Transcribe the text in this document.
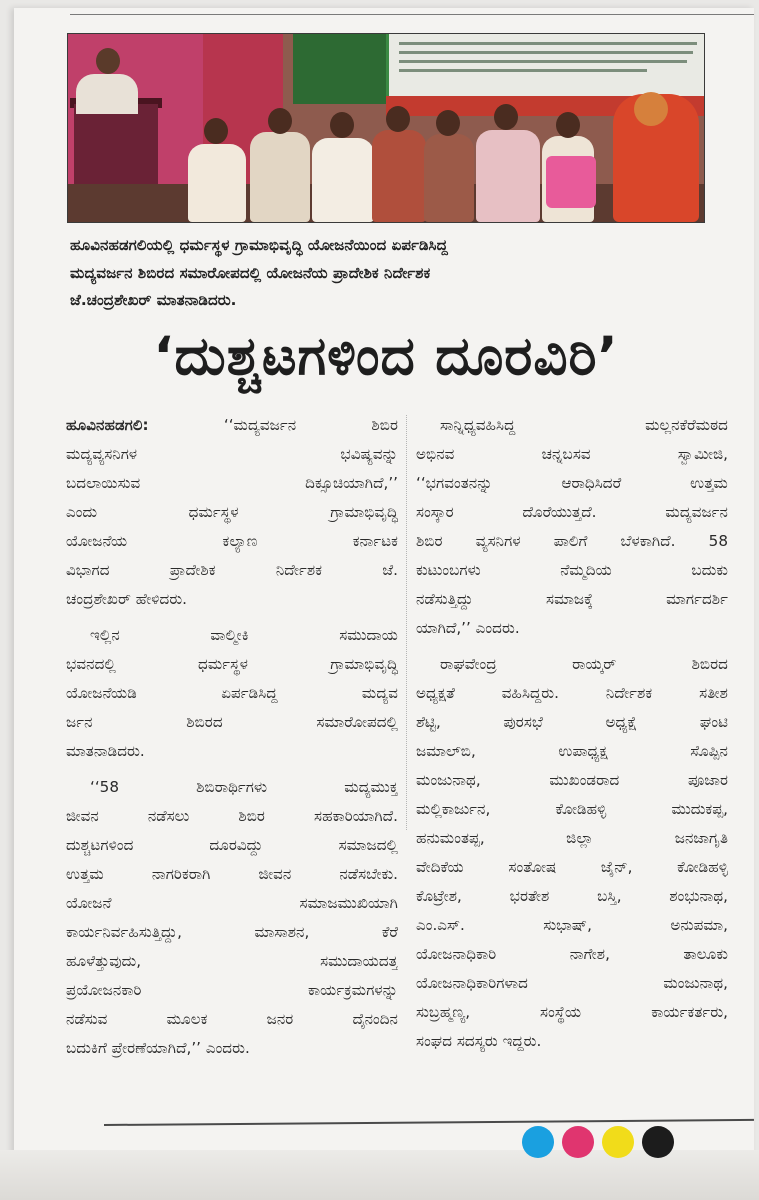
ಹೂವಿನಹಡಗಲಿಯಲ್ಲಿ ಧರ್ಮಸ್ಥಳ ಗ್ರಾಮಾಭಿವೃದ್ಧಿ ಯೋಜನೆಯಿಂದ ಏರ್ಪಡಿಸಿದ್ದ
ಮದ್ಯವರ್ಜನ ಶಿಬಿರದ ಸಮಾರೋಪದಲ್ಲಿ ಯೋಜನೆಯ ಪ್ರಾದೇಶಿಕ ನಿರ್ದೇಶಕ
ಜೆ.ಚಂದ್ರಶೇಖರ್ ಮಾತನಾಡಿದರು.
‘ದುಶ್ಚಟಗಳಿಂದ ದೂರವಿರಿ’
ಹೂವಿನಹಡಗಲಿ:	‘‘ಮದ್ಯವರ್ಜನ ಶಿಬಿರ
ಮದ್ಯವ್ಯಸನಿಗಳ ಭವಿಷ್ಯವನ್ನು
ಬದಲಾಯಿಸುವ ದಿಕ್ಸೂಚಿಯಾಗಿದೆ,’’
ಎಂದು ಧರ್ಮಸ್ಥಳ ಗ್ರಾಮಾಭಿವೃದ್ಧಿ
ಯೋಜನೆಯ ಕಲ್ಯಾಣ ಕರ್ನಾಟಕ
ವಿಭಾಗದ ಪ್ರಾದೇಶಿಕ ನಿರ್ದೇಶಕ ಜೆ.
ಚಂದ್ರಶೇಖರ್ ಹೇಳಿದರು.
ಇಲ್ಲಿನ ವಾಲ್ಮೀಕಿ ಸಮುದಾಯ
ಭವನದಲ್ಲಿ ಧರ್ಮಸ್ಥಳ ಗ್ರಾಮಾಭಿವೃದ್ಧಿ
ಯೋಜನೆಯಡಿ ಏರ್ಪಡಿಸಿದ್ದ ಮದ್ಯವ
ರ್ಜನ ಶಿಬಿರದ ಸಮಾರೋಪದಲ್ಲಿ
ಮಾತನಾಡಿದರು.
‘‘58 ಶಿಬಿರಾರ್ಥಿಗಳು ಮದ್ಯಮುಕ್ತ
ಜೀವನ ನಡೆಸಲು ಶಿಬಿರ ಸಹಕಾರಿಯಾಗಿದೆ.
ದುಶ್ಚಟಗಳಿಂದ ದೂರವಿದ್ದು ಸಮಾಜದಲ್ಲಿ
ಉತ್ತಮ ನಾಗರಿಕರಾಗಿ ಜೀವನ ನಡೆಸಬೇಕು.
ಯೋಜನೆ ಸಮಾಜಮುಖಿಯಾಗಿ
ಕಾರ್ಯನಿರ್ವಹಿಸುತ್ತಿದ್ದು, ಮಾಸಾಶನ, ಕೆರೆ
ಹೂಳೆತ್ತುವುದು, ಸಮುದಾಯದತ್ತ
ಪ್ರಯೋಜನಕಾರಿ ಕಾರ್ಯಕ್ರಮಗಳನ್ನು
ನಡೆಸುವ ಮೂಲಕ ಜನರ ದೈನಂದಿನ
ಬದುಕಿಗೆ ಪ್ರೇರಣೆಯಾಗಿದೆ,’’ ಎಂದರು.
ಸಾನ್ನಿಧ್ಯವಹಿಸಿದ್ದ ಮಲ್ಲನಕೆರೆಮಠದ
ಅಭಿನವ ಚನ್ನಬಸವ ಸ್ವಾಮೀಜಿ,
‘‘ಭಗವಂತನನ್ನು ಆರಾಧಿಸಿದರೆ ಉತ್ತಮ
ಸಂಸ್ಕಾರ ದೊರೆಯುತ್ತದೆ. ಮದ್ಯವರ್ಜನ
ಶಿಬಿರ ವ್ಯಸನಿಗಳ ಪಾಲಿಗೆ ಬೆಳಕಾಗಿದೆ. 58
ಕುಟುಂಬಗಳು ನೆಮ್ಮದಿಯ ಬದುಕು
ನಡೆಸುತ್ತಿದ್ದು ಸಮಾಜಕ್ಕೆ ಮಾರ್ಗದರ್ಶಿ
ಯಾಗಿದೆ,’’ ಎಂದರು.
ರಾಘವೇಂದ್ರ ರಾಯ್ಕರ್ ಶಿಬಿರದ
ಅಧ್ಯಕ್ಷತೆ ವಹಿಸಿದ್ದರು. ನಿರ್ದೇಶಕ ಸತೀಶ
ಶೆಟ್ಟಿ, ಪುರಸಭೆ ಅಧ್ಯಕ್ಷೆ ಘಂಟಿ
ಜಮಾಲ್‌ಬಿ, ಉಪಾಧ್ಯಕ್ಷ ಸೊಪ್ಪಿನ
ಮಂಜುನಾಥ, ಮುಖಂಡರಾದ ಪೂಜಾರ
ಮಲ್ಲಿಕಾರ್ಜುನ, ಕೋಡಿಹಳ್ಳಿ ಮುದುಕಪ್ಪ,
ಹನುಮಂತಪ್ಪ, ಜಿಲ್ಲಾ ಜನಜಾಗೃತಿ
ವೇದಿಕೆಯ ಸಂತೋಷ ಜೈನ್, ಕೋಡಿಹಳ್ಳಿ
ಕೊಟ್ರೇಶ, ಭರತೇಶ ಬಸ್ತಿ, ಶಂಭುನಾಥ,
ಎಂ.ಎಸ್. ಸುಭಾಷ್, ಅನುಪಮಾ,
ಯೋಜನಾಧಿಕಾರಿ ನಾಗೇಶ, ತಾಲೂಕು
ಯೋಜನಾಧಿಕಾರಿಗಳಾದ ಮಂಜುನಾಥ,
ಸುಬ್ರಹ್ಮಣ್ಯ, ಸಂಸ್ಥೆಯ ಕಾರ್ಯಕರ್ತರು,
ಸಂಘದ ಸದಸ್ಯರು ಇದ್ದರು.
